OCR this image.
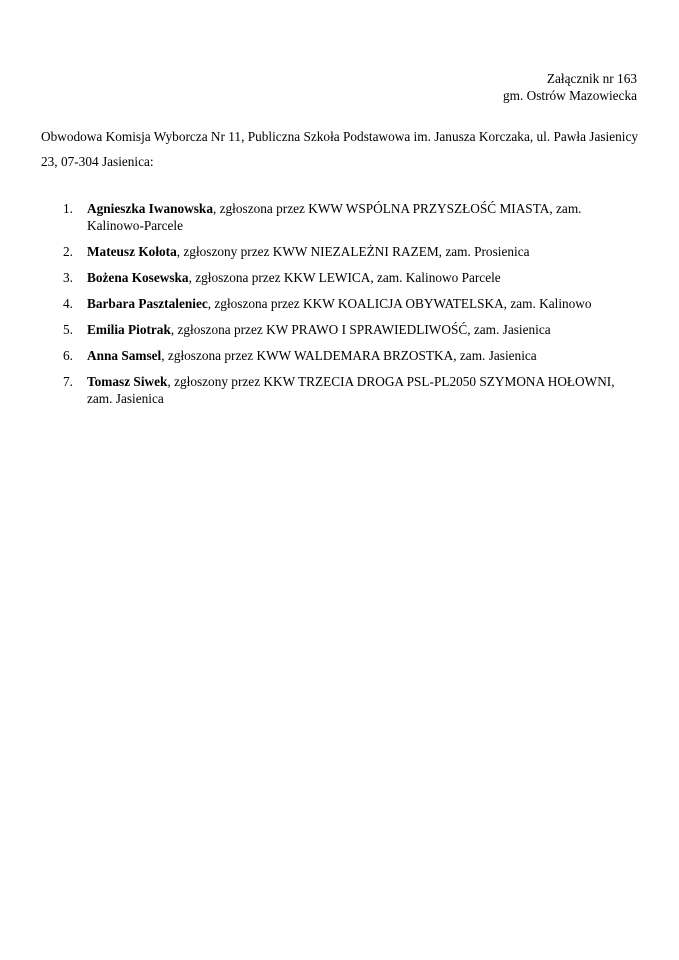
Załącznik nr 163
gm. Ostrów Mazowiecka
Obwodowa Komisja Wyborcza Nr 11, Publiczna Szkoła Podstawowa im. Janusza Korczaka, ul. Pawła Jasienicy 23, 07-304 Jasienica:
1. Agnieszka Iwanowska, zgłoszona przez KWW WSPÓLNA PRZYSZŁOŚĆ MIASTA, zam. Kalinowo-Parcele
2. Mateusz Kołota, zgłoszony przez KWW NIEZALEŻNI RAZEM, zam. Prosienica
3. Bożena Kosewska, zgłoszona przez KKW LEWICA, zam. Kalinowo Parcele
4. Barbara Pasztaleniec, zgłoszona przez KKW KOALICJA OBYWATELSKA, zam. Kalinowo
5. Emilia Piotrak, zgłoszona przez KW PRAWO I SPRAWIEDLIWOŚĆ, zam. Jasienica
6. Anna Samsel, zgłoszona przez KWW WALDEMARA BRZOSTKA, zam. Jasienica
7. Tomasz Siwek, zgłoszony przez KKW TRZECIA DROGA PSL-PL2050 SZYMONA HOŁOWNI, zam. Jasienica
